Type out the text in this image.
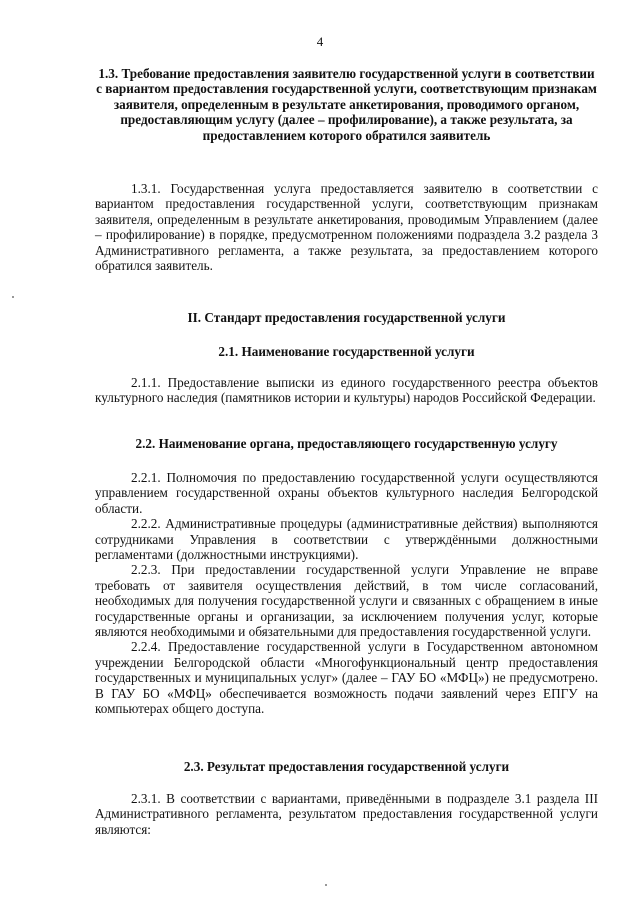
4
1.3. Требование предоставления заявителю государственной услуги в соответствии с вариантом предоставления государственной услуги, соответствующим признакам заявителя, определенным в результате анкетирования, проводимого органом, предоставляющим услугу (далее – профилирование), а также результата, за предоставлением которого обратился заявитель
1.3.1. Государственная услуга предоставляется заявителю в соответствии с вариантом предоставления государственной услуги, соответствующим признакам заявителя, определенным в результате анкетирования, проводимым Управлением (далее – профилирование) в порядке, предусмотренном положениями подраздела 3.2 раздела 3 Административного регламента, а также результата, за предоставлением которого обратился заявитель.
II. Стандарт предоставления государственной услуги
2.1. Наименование государственной услуги
2.1.1. Предоставление выписки из единого государственного реестра объектов культурного наследия (памятников истории и культуры) народов Российской Федерации.
2.2. Наименование органа, предоставляющего государственную услугу
2.2.1. Полномочия по предоставлению государственной услуги осуществляются управлением государственной охраны объектов культурного наследия Белгородской области.
2.2.2. Административные процедуры (административные действия) выполняются сотрудниками Управления в соответствии с утверждёнными должностными регламентами (должностными инструкциями).
2.2.3. При предоставлении государственной услуги Управление не вправе требовать от заявителя осуществления действий, в том числе согласований, необходимых для получения государственной услуги и связанных с обращением в иные государственные органы и организации, за исключением получения услуг, которые являются необходимыми и обязательными для предоставления государственной услуги.
2.2.4. Предоставление государственной услуги в Государственном автономном учреждении Белгородской области «Многофункциональный центр предоставления государственных и муниципальных услуг» (далее – ГАУ БО «МФЦ») не предусмотрено. В ГАУ БО «МФЦ» обеспечивается возможность подачи заявлений через ЕПГУ на компьютерах общего доступа.
2.3. Результат предоставления государственной услуги
2.3.1. В соответствии с вариантами, приведёнными в подразделе 3.1 раздела III Административного регламента, результатом предоставления государственной услуги являются:
